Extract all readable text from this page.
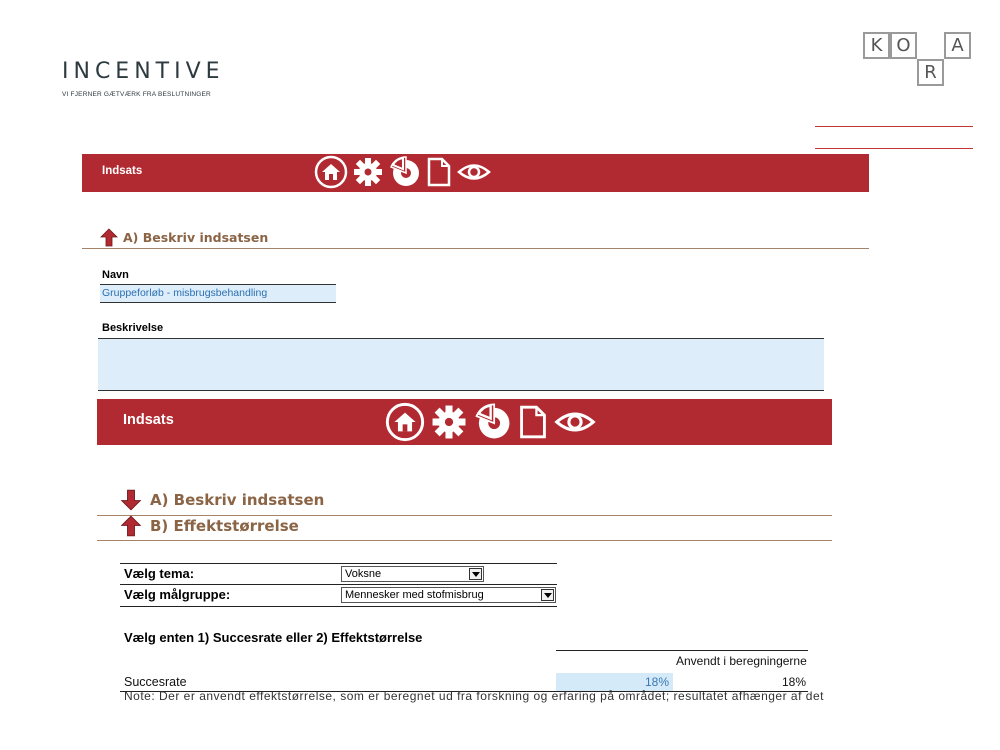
INCENTIVE
VI FJERNER GÆTVÆRK FRA BESLUTNINGER
K O	A
R
Indsats
A) Beskriv indsatsen
Navn
Gruppeforløb - misbrugsbehandling
Beskrivelse
Indsats
A) Beskriv indsatsen
B) Effektstørrelse
Vælg tema:	Voksne
Vælg målgruppe:	Mennesker med stofmisbrug
Vælg enten 1) Succesrate eller 2) Effektstørrelse
Anvendt i beregningerne
Succesrate	18%	18%
Note: Der er anvendt effektstørrelse, som er beregnet ud fra forskning og erfaring på området; resultatet afhænger af det
